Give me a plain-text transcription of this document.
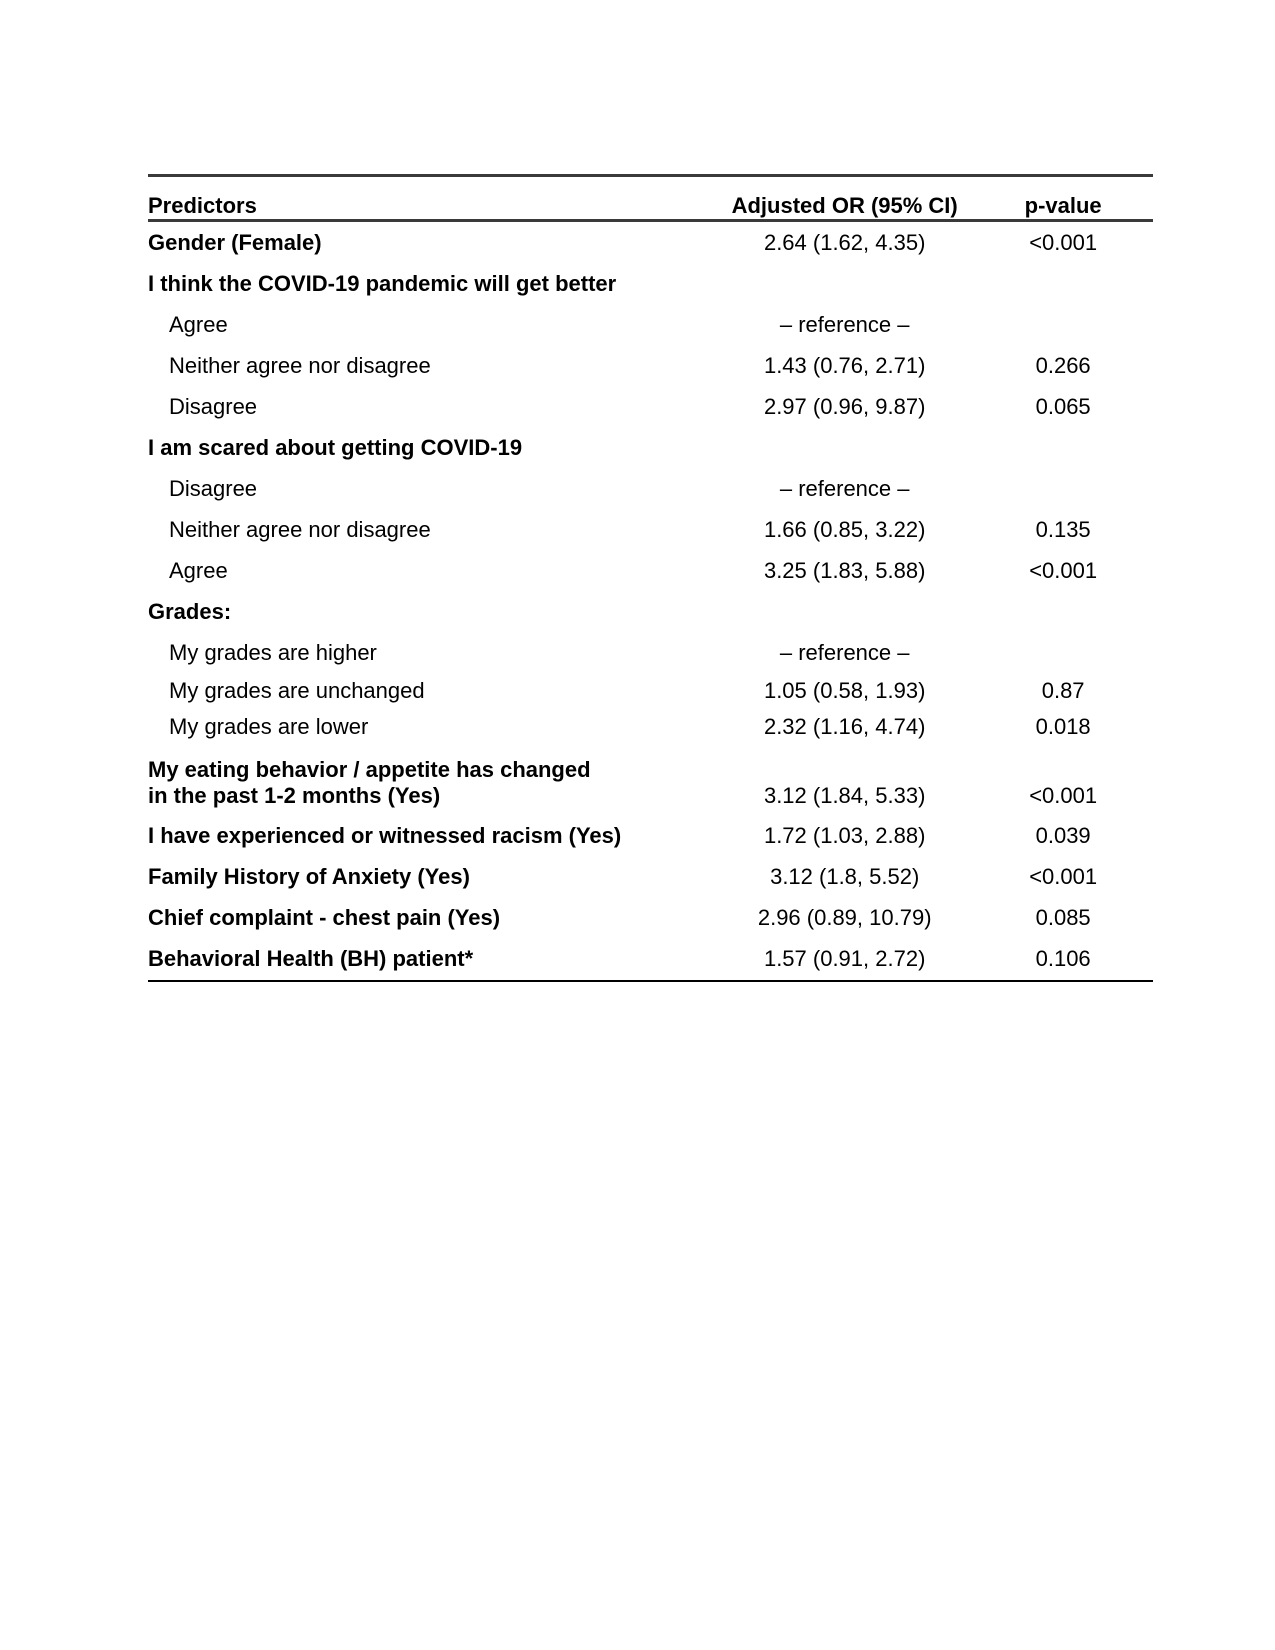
Predictors	Adjusted OR (95% CI)	p-value
Gender (Female)	2.64 (1.62, 4.35)	<0.001
I think the COVID-19 pandemic will get better		
Agree	– reference –	
Neither agree nor disagree	1.43 (0.76, 2.71)	0.266
Disagree	2.97 (0.96, 9.87)	0.065
I am scared about getting COVID-19		
Disagree	– reference –	
Neither agree nor disagree	1.66 (0.85, 3.22)	0.135
Agree	3.25 (1.83, 5.88)	<0.001
Grades:		
My grades are higher	– reference –	
My grades are unchanged	1.05 (0.58, 1.93)	0.87
My grades are lower	2.32 (1.16, 4.74)	0.018

My eating behavior / appetite has changed
in the past 1-2 months (Yes)	3.12 (1.84, 5.33)	<0.001
I have experienced or witnessed racism (Yes)	1.72 (1.03, 2.88)	0.039
Family History of Anxiety (Yes)	3.12 (1.8, 5.52)	<0.001
Chief complaint - chest pain (Yes)	2.96 (0.89, 10.79)	0.085
Behavioral Health (BH) patient*	1.57 (0.91, 2.72)	0.106
